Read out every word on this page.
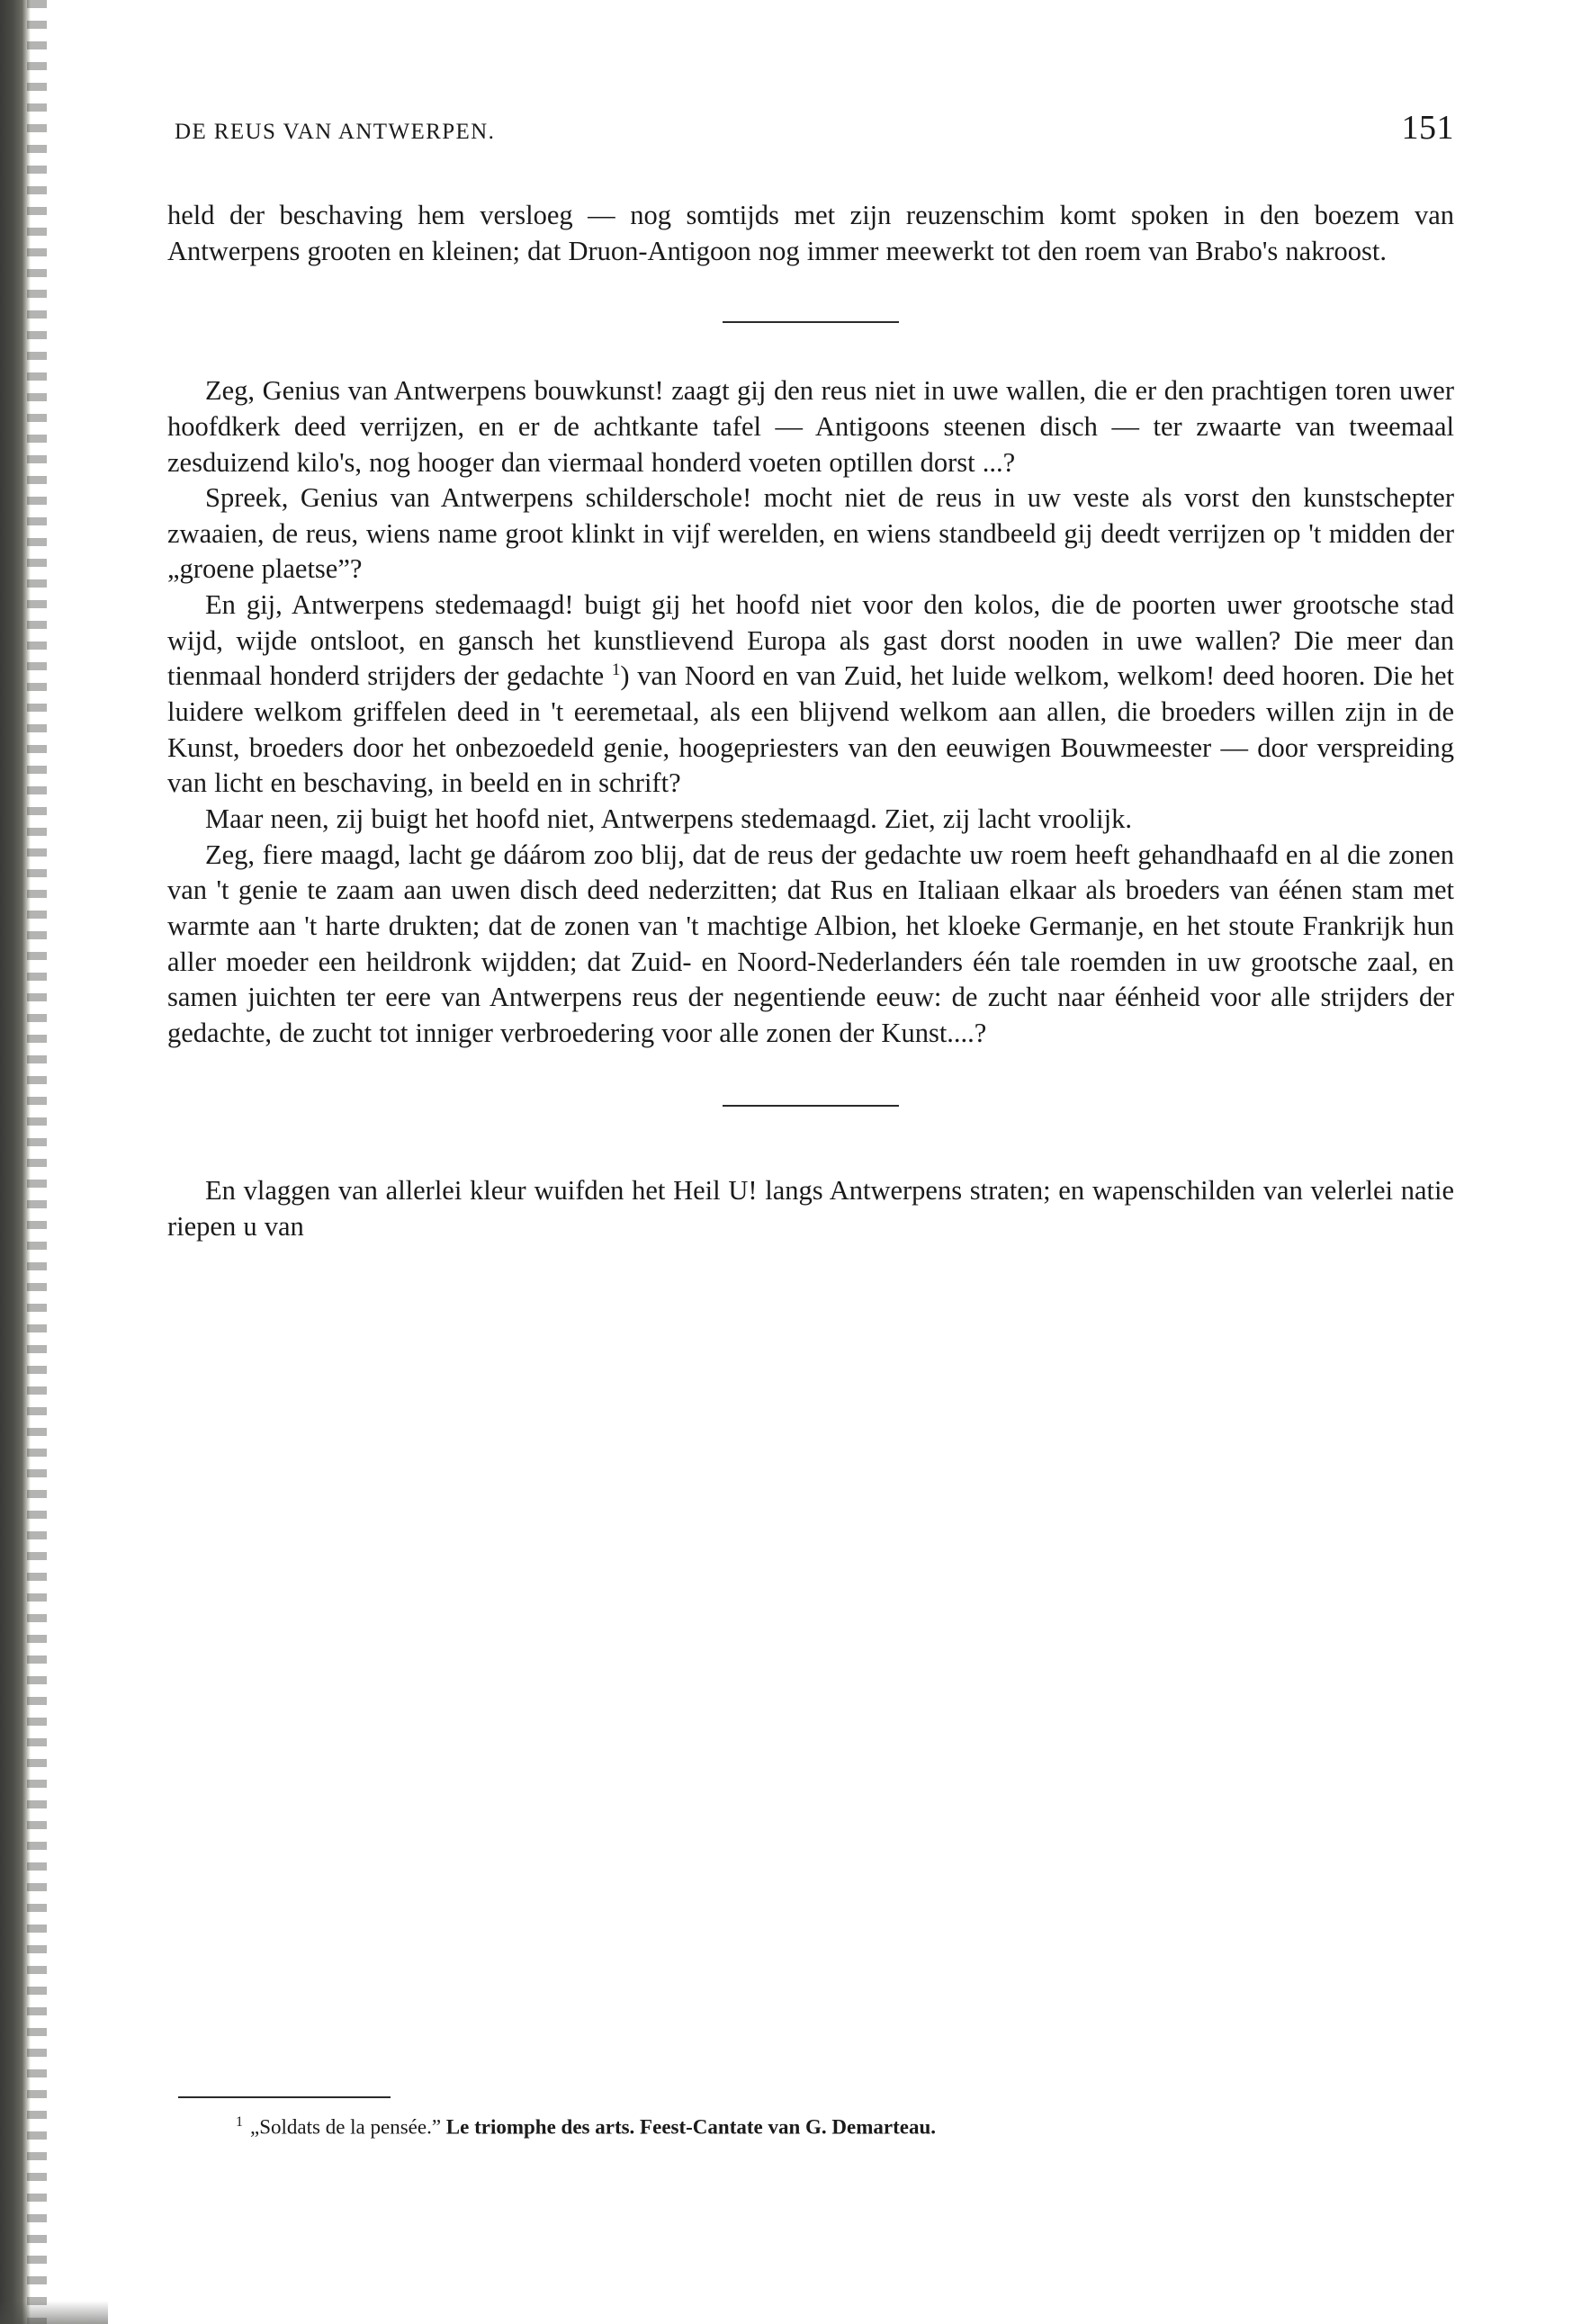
DE REUS VAN ANTWERPEN.	151

held der beschaving hem versloeg — nog somtijds met zijn reuzenschim komt spoken in den boezem van Antwerpens grooten en kleinen; dat Druon-Antigoon nog immer meewerkt tot den roem van Brabo's nakroost.

Zeg, Genius van Antwerpens bouwkunst! zaagt gij den reus niet in uwe wallen, die er den prachtigen toren uwer hoofdkerk deed verrijzen, en er de achtkante tafel — Antigoons steenen disch — ter zwaarte van tweemaal zesduizend kilo's, nog hooger dan viermaal honderd voeten optillen dorst ...?

Spreek, Genius van Antwerpens schilderschole! mocht niet de reus in uw veste als vorst den kunstschepter zwaaien, de reus, wiens name groot klinkt in vijf werelden, en wiens standbeeld gij deedt verrijzen op 't midden der „groene plaetse”?

En gij, Antwerpens stedemaagd! buigt gij het hoofd niet voor den kolos, die de poorten uwer grootsche stad wijd, wijde ontsloot, en gansch het kunstlievend Europa als gast dorst nooden in uwe wallen? Die meer dan tienmaal honderd strijders der gedachte $^1$) van Noord en van Zuid, het luide welkom, welkom! deed hooren. Die het luidere welkom griffelen deed in 't eeremetaal, als een blijvend welkom aan allen, die broeders willen zijn in de Kunst, broeders door het onbezoedeld genie, hoogepriesters van den eeuwigen Bouwmeester — door verspreiding van licht en beschaving, in beeld en in schrift?

Maar neen, zij buigt het hoofd niet, Antwerpens stedemaagd. Ziet, zij lacht vroolijk.

Zeg, fiere maagd, lacht ge dáárom zoo blij, dat de reus der gedachte uw roem heeft gehandhaafd en al die zonen van 't genie te zaam aan uwen disch deed nederzitten; dat Rus en Italiaan elkaar als broeders van éénen stam met warmte aan 't harte drukten; dat de zonen van 't machtige Albion, het kloeke Germanje, en het stoute Frankrijk hun aller moeder een heildronk wijdden; dat Zuid- en Noord-Nederlanders één tale roemden in uw grootsche zaal, en samen juichten ter eere van Antwerpens reus der negentiende eeuw: de zucht naar éénheid voor alle strijders der gedachte, de zucht tot inniger verbroedering voor alle zonen der Kunst....?

En vlaggen van allerlei kleur wuifden het Heil U! langs Antwerpens straten; en wapenschilden van velerlei natie riepen u van

$^1$ „Soldats de la pensée.” Le triomphe des arts. Feest-Cantate van G. Demarteau.
